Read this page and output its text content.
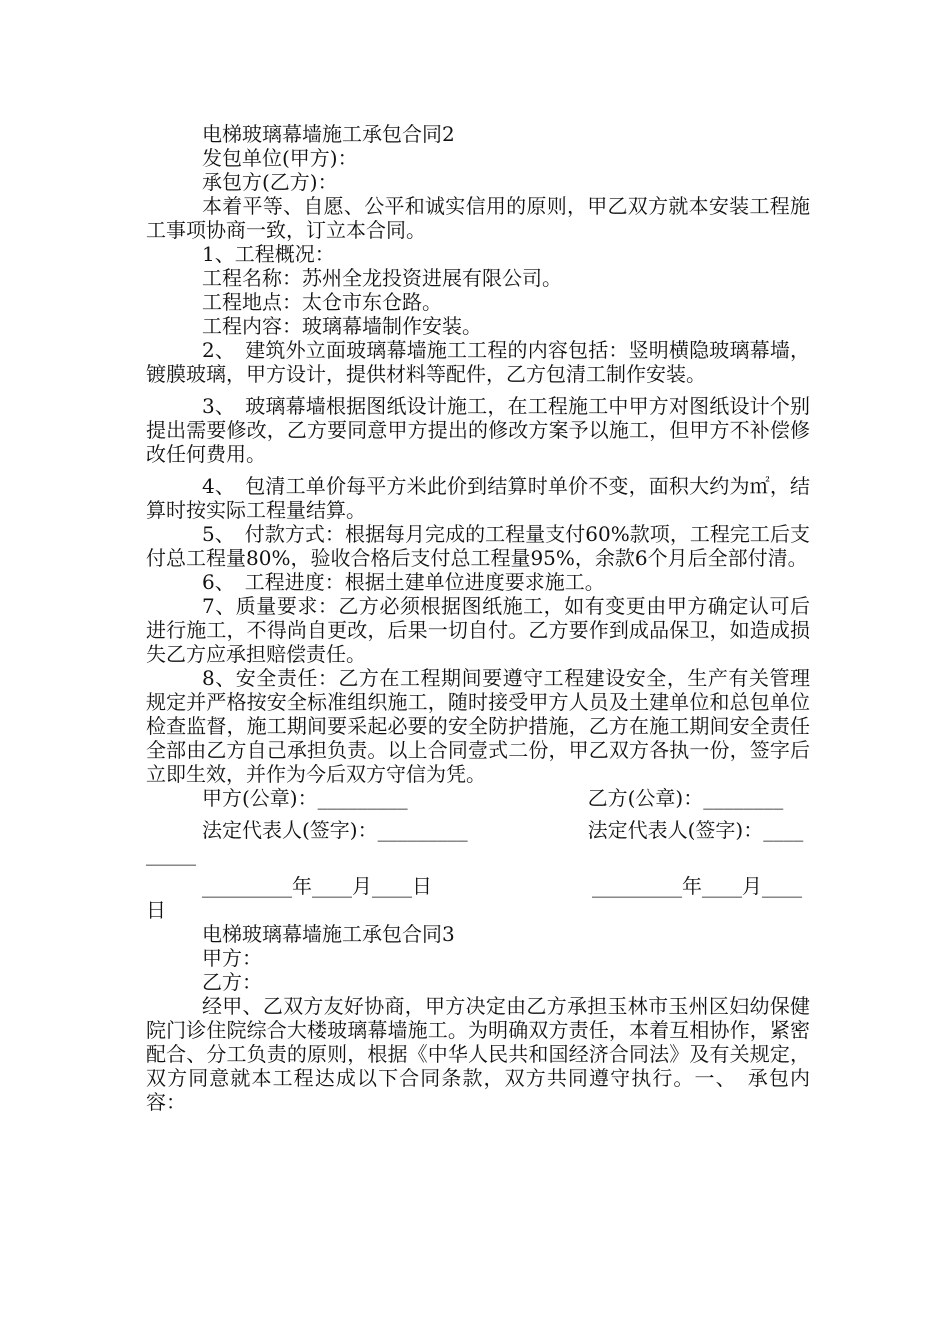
电梯玻璃幕墙施工承包合同2

发包单位(甲方)：

承包方(乙方)：

本着平等、自愿、公平和诚实信用的原则，甲乙双方就本安装工程施工事项协商一致，订立本合同。

1、工程概况：

工程名称：苏州全龙投资进展有限公司。

工程地点：太仓市东仓路。

工程内容：玻璃幕墙制作安装。

2、　建筑外立面玻璃幕墙施工工程的内容包括：竖明横隐玻璃幕墙，镀膜玻璃，甲方设计，提供材料等配件，乙方包清工制作安装。

3、　玻璃幕墙根据图纸设计施工，在工程施工中甲方对图纸设计个别提出需要修改，乙方要同意甲方提出的修改方案予以施工，但甲方不补偿修改任何费用。

4、　包清工单价每平方米此价到结算时单价不变，面积大约为㎡，结算时按实际工程量结算。

5、　付款方式：根据每月完成的工程量支付60%款项，工程完工后支付总工程量80%，验收合格后支付总工程量95%，余款6个月后全部付清。

6、　工程进度：根据土建单位进度要求施工。

7、质量要求：乙方必须根据图纸施工，如有变更由甲方确定认可后进行施工，不得尚自更改，后果一切自付。乙方要作到成品保卫，如造成损失乙方应承担赔偿责任。

8、安全责任：乙方在工程期间要遵守工程建设安全，生产有关管理规定并严格按安全标准组织施工，随时接受甲方人员及土建单位和总包单位检查监督，施工期间要采起必要的安全防护措施，乙方在施工期间安全责任全部由乙方自己承担负责。以上合同壹式二份，甲乙双方各执一份，签字后立即生效，并作为今后双方守信为凭。

甲方(公章)：_________　　　　　　　　　乙方(公章)：________

法定代表人(签字)：_________　　　　　　法定代表人(签字)：_________

_________年____月____日　　　　　　　　_________年____月____日

电梯玻璃幕墙施工承包合同3

甲方：

乙方：

经甲、乙双方友好协商，甲方决定由乙方承担玉林市玉州区妇幼保健院门诊住院综合大楼玻璃幕墙施工。为明确双方责任，本着互相协作，紧密配合、分工负责的原则，根据《中华人民共和国经济合同法》及有关规定，双方同意就本工程达成以下合同条款，双方共同遵守执行。一、　承包内容：
